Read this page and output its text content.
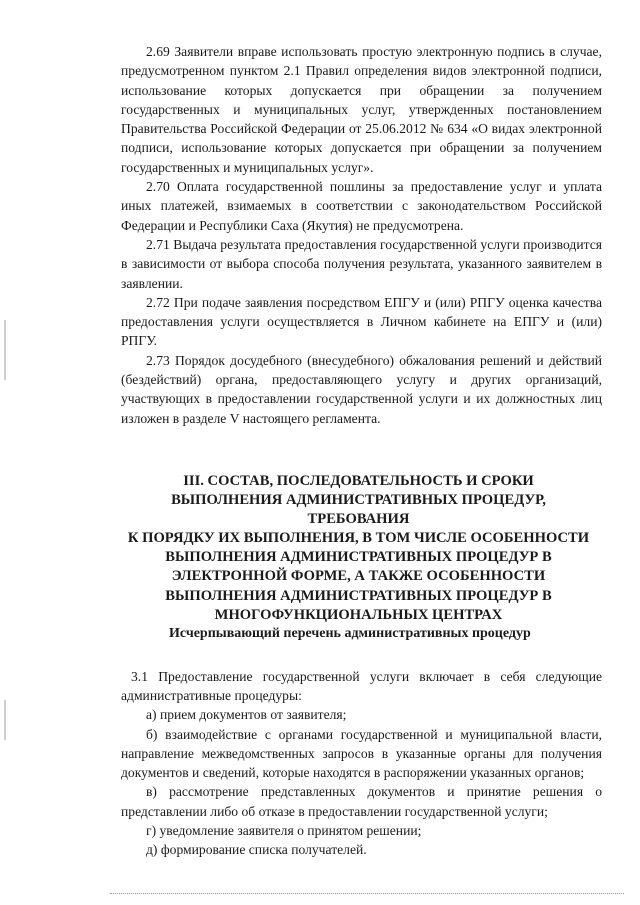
2.69 Заявители вправе использовать простую электронную подпись в случае, предусмотренном пунктом 2.1 Правил определения видов электронной подписи, использование которых допускается при обращении за получением государственных и муниципальных услуг, утвержденных постановлением Правительства Российской Федерации от 25.06.2012 № 634 «О видах электронной подписи, использование которых допускается при обращении за получением государственных и муниципальных услуг».

2.70 Оплата государственной пошлины за предоставление услуг и уплата иных платежей, взимаемых в соответствии с законодательством Российской Федерации и Республики Саха (Якутия) не предусмотрена.

2.71 Выдача результата предоставления государственной услуги производится в зависимости от выбора способа получения результата, указанного заявителем в заявлении.

2.72 При подаче заявления посредством ЕПГУ и (или) РПГУ оценка качества предоставления услуги осуществляется в Личном кабинете на ЕПГУ и (или) РПГУ.

2.73 Порядок досудебного (внесудебного) обжалования решений и действий (бездействий) органа, предоставляющего услугу и других организаций, участвующих в предоставлении государственной услуги и их должностных лиц изложен в разделе V настоящего регламента.

III. СОСТАВ, ПОСЛЕДОВАТЕЛЬНОСТЬ И СРОКИ
ВЫПОЛНЕНИЯ АДМИНИСТРАТИВНЫХ ПРОЦЕДУР, ТРЕБОВАНИЯ
К ПОРЯДКУ ИХ ВЫПОЛНЕНИЯ, В ТОМ ЧИСЛЕ ОСОБЕННОСТИ
ВЫПОЛНЕНИЯ АДМИНИСТРАТИВНЫХ ПРОЦЕДУР В
ЭЛЕКТРОННОЙ ФОРМЕ, А ТАКЖЕ ОСОБЕННОСТИ
ВЫПОЛНЕНИЯ АДМИНИСТРАТИВНЫХ ПРОЦЕДУР В
МНОГОФУНКЦИОНАЛЬНЫХ ЦЕНТРАХ
Исчерпывающий перечень административных процедур

3.1 Предоставление государственной услуги включает в себя следующие административные процедуры:

а) прием документов от заявителя;

б) взаимодействие с органами государственной и муниципальной власти, направление межведомственных запросов в указанные органы для получения документов и сведений, которые находятся в распоряжении указанных органов;

в) рассмотрение представленных документов и принятие решения о представлении либо об отказе в предоставлении государственной услуги;

г) уведомление заявителя о принятом решении;

д) формирование списка получателей.
